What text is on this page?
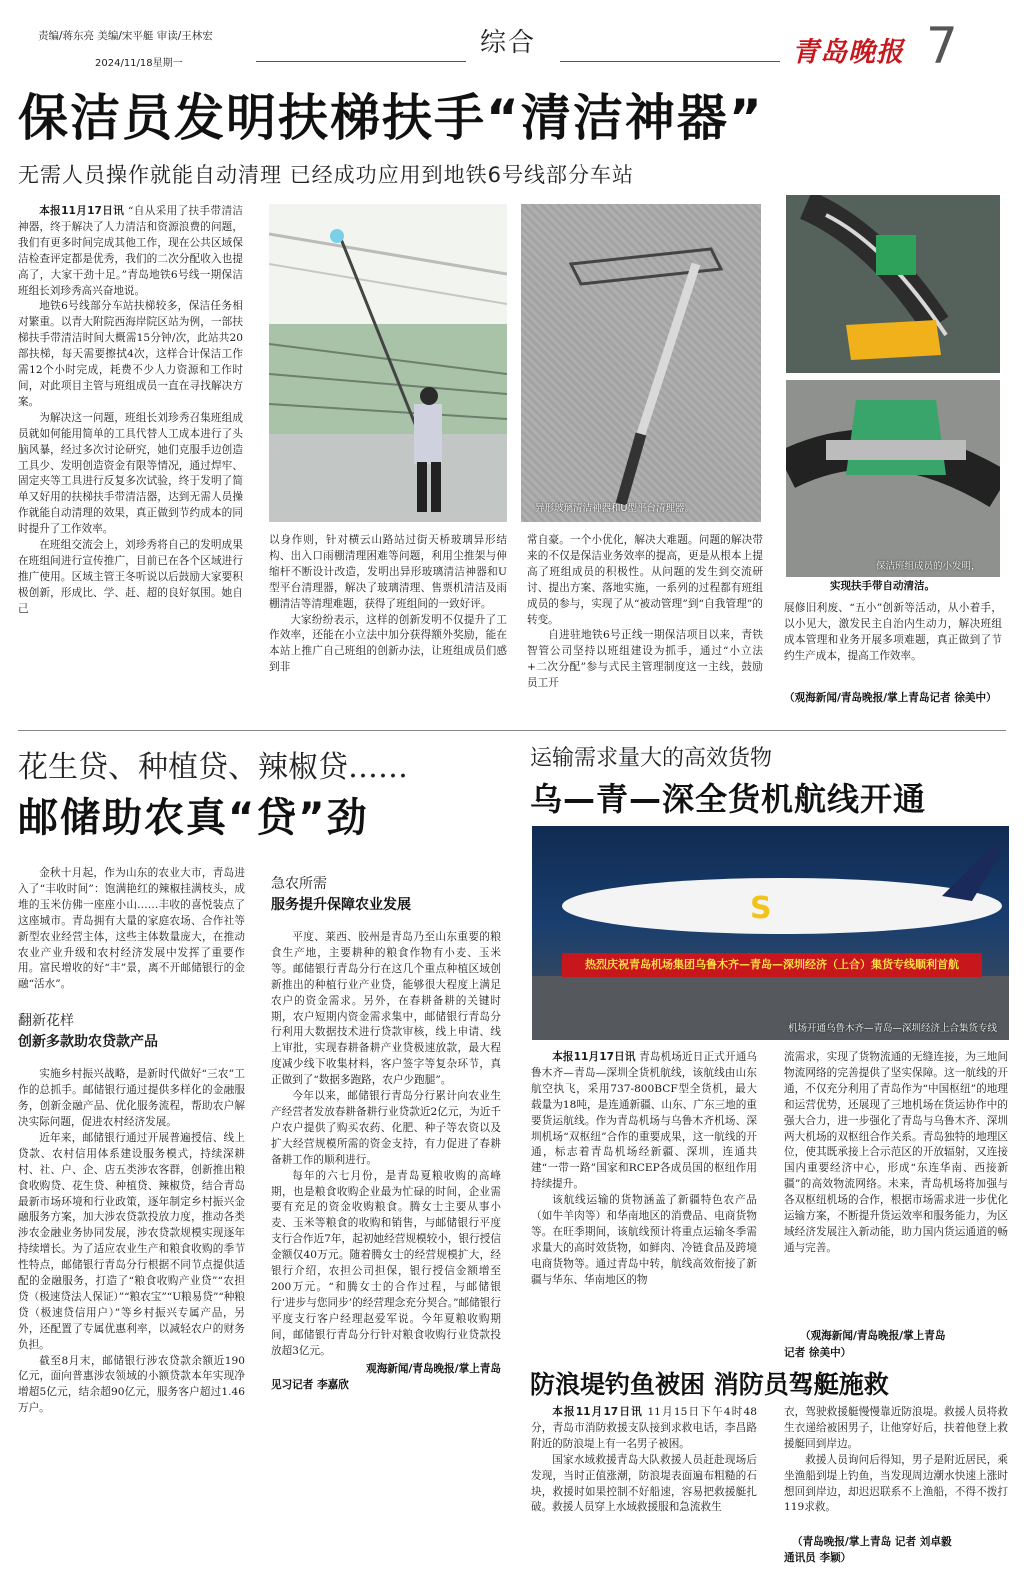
责编/蒋东亮 美编/宋平艇 审读/王林宏
2024/11/18星期一
综合	青岛晚报 7
保洁员发明扶梯扶手“清洁神器”
无需人员操作就能自动清理 已经成功应用到地铁6号线部分车站

本报11月17日讯 “自从采用了扶手带清洁神器，终于解决了人力清洁和资源浪费的问题，我们有更多时间完成其他工作，现在公共区域保洁检查评定都是优秀，我们的二次分配收入也提高了，大家干劲十足。”青岛地铁6号线一期保洁班组长刘珍秀高兴奋地说。

地铁6号线部分车站扶梯较多，保洁任务相对繁重。以青大附院西海岸院区站为例，一部扶梯扶手带清洁时间大概需15分钟/次，此站共20部扶梯，每天需要擦拭4次，这样合计保洁工作需12个小时完成，耗费不少人力资源和工作时间，对此项目主管与班组成员一直在寻找解决方案。

为解决这一问题，班组长刘珍秀召集班组成员就如何能用简单的工具代替人工成本进行了头脑风暴，经过多次讨论研究，她们克服手边创造工具少、发明创造资金有限等情况，通过焊牢、固定夹等工具进行反复多次试验，终于发明了简单又好用的扶梯扶手带清洁器，达到无需人员操作就能自动清理的效果，真正做到节约成本的同时提升了工作效率。

在班组交流会上，刘珍秀将自己的发明成果在班组间进行宣传推广，目前已在各个区域进行推广使用。区域主管王冬听说以后鼓励大家要积极创新，形成比、学、赶、超的良好氛围。她自己

异形玻璃清洁神器和U型平台清理器。
保洁班组成员的小发明，
实现扶手带自动清洁。

以身作则，针对横云山路站过街天桥玻璃异形结构、出入口雨棚清理困难等问题，利用尘推架与伸缩杆不断设计改造，发明出异形玻璃清洁神器和U型平台清理器，解决了玻璃清理、售票机清洁及雨棚清洁等清理难题，获得了班组间的一致好评。

大家纷纷表示，这样的创新发明不仅提升了工作效率，还能在小立法中加分获得额外奖励，能在本站上推广自己班组的创新办法，让班组成员们感到非

常自豪。一个小优化，解决大难题。问题的解决带来的不仅是保洁业务效率的提高，更是从根本上提高了班组成员的积极性。从问题的发生到交流研讨、提出方案、落地实施，一系列的过程都有班组成员的参与，实现了从“被动管理”到“自我管理”的转变。

自进驻地铁6号正线一期保洁项目以来，青铁智管公司坚持以班组建设为抓手，通过“小立法+二次分配”参与式民主管理制度这一主线，鼓励员工开

展修旧利废、“五小”创新等活动，从小着手，以小见大，激发民主自治内生动力，解决班组成本管理和业务开展多项难题，真正做到了节约生产成本，提高工作效率。

（观海新闻/青岛晚报/掌上青岛记者 徐美中）
花生贷、种植贷、辣椒贷……
邮储助农真“贷”劲

金秋十月起，作为山东的农业大市，青岛进入了“丰收时间”：饱满艳红的辣椒挂满枝头，成堆的玉米仿佛一座座小山……丰收的喜悦装点了这座城市。青岛拥有大量的家庭农场、合作社等新型农业经营主体，这些主体数量庞大，在推动农业产业升级和农村经济发展中发挥了重要作用。富民增收的好“丰”景，离不开邮储银行的金融“活水”。

翻新花样
创新多款助农贷款产品

实施乡村振兴战略，是新时代做好“三农”工作的总抓手。邮储银行通过提供多样化的金融服务，创新金融产品、优化服务流程，帮助农户解决实际问题，促进农村经济发展。

近年来，邮储银行通过开展普遍授信、线上贷款、农村信用体系建设服务模式，持续深耕村、社、户、企、店五类涉农客群，创新推出粮食收购贷、花生贷、种植贷、辣椒贷，结合青岛最新市场环境和行业政策，逐年制定乡村振兴金融服务方案，加大涉农贷款投放力度，推动各类涉农金融业务协同发展，涉农贷款规模实现逐年持续增长。为了适应农业生产和粮食收购的季节性特点，邮储银行青岛分行根据不同节点提供适配的金融服务，打造了“粮食收购产业贷”“农担贷（极速贷法人保证）”“粮农宝”“U粮易贷”“种粮贷（极速贷信用户）”等乡村振兴专属产品，另外，还配置了专属优惠利率，以减轻农户的财务负担。

截至8月末，邮储银行涉农贷款余额近190亿元，面向普惠涉农领域的小额贷款本年实现净增超5亿元，结余超90亿元，服务客户超过1.46万户。

急农所需
服务提升保障农业发展

平度、莱西、胶州是青岛乃至山东重要的粮食生产地，主要耕种的粮食作物有小麦、玉米等。邮储银行青岛分行在这几个重点种植区域创新推出的种植行业产业贷，能够很大程度上满足农户的资金需求。另外，在春耕备耕的关键时期，农户短期内资金需求集中，邮储银行青岛分行利用大数据技术进行贷款审核，线上申请、线上审批，实现春耕备耕产业贷极速放款，最大程度减少线下收集材料，客户签字等复杂环节，真正做到了“数据多跑路，农户少跑腿”。

今年以来，邮储银行青岛分行累计向农业生产经营者发放春耕备耕行业贷款近2亿元，为近千户农户提供了购买农药、化肥、种子等农资以及扩大经营规模所需的资金支持，有力促进了春耕备耕工作的顺利进行。

每年的六七月份，是青岛夏粮收购的高峰期，也是粮食收购企业最为忙碌的时间，企业需要有充足的资金收购粮食。腾女士主要从事小麦、玉米等粮食的收购和销售，与邮储银行平度支行合作近7年，起初她经营规模较小，银行授信金额仅40万元。随着腾女士的经营规模扩大，经银行介绍，农担公司担保，银行授信金额增至200万元。“和腾女士的合作过程，与邮储银行‘进步与您同步’的经营理念充分契合。”邮储银行平度支行客户经理赵爱军说。今年夏粮收购期间，邮储银行青岛分行针对粮食收购行业贷款投放超3亿元。

观海新闻/青岛晚报/掌上青岛
见习记者 李嘉欣
运输需求量大的高效货物
乌—青—深全货机航线开通
S
热烈庆祝青岛机场集团乌鲁木齐—青岛—深圳经济（上合）集货专线顺利首航
机场开通乌鲁木齐—青岛—深圳经济上合集货专线

本报11月17日讯 青岛机场近日正式开通乌鲁木齐—青岛—深圳全货机航线，该航线由山东航空执飞，采用737-800BCF型全货机，最大载量为18吨，是连通新疆、山东、广东三地的重要货运航线。作为青岛机场与乌鲁木齐机场、深圳机场“双枢纽”合作的重要成果，这一航线的开通，标志着青岛机场经新疆、深圳，连通共建“一带一路”国家和RCEP各成员国的枢纽作用持续提升。

该航线运输的货物涵盖了新疆特色农产品（如牛羊肉等）和华南地区的消费品、电商货物等。在旺季期间，该航线预计将重点运输冬季需求量大的高时效货物，如鲜肉、冷链食品及跨境电商货物等。通过青岛中转，航线高效衔接了新疆与华东、华南地区的物

流需求，实现了货物流通的无缝连接，为三地间物流网络的完善提供了坚实保障。这一航线的开通，不仅充分利用了青岛作为“中国枢纽”的地理和运营优势，还展现了三地机场在货运协作中的强大合力，进一步强化了青岛与乌鲁木齐、深圳两大机场的双枢纽合作关系。青岛独特的地理区位，使其既承接上合示范区的开放辐射，又连接国内重要经济中心，形成“东连华南、西接新疆”的高效物流网络。未来，青岛机场将加强与各双枢纽机场的合作，根据市场需求进一步优化运输方案，不断提升货运效率和服务能力，为区域经济发展注入新动能，助力国内货运通道的畅通与完善。

（观海新闻/青岛晚报/掌上青岛
记者 徐美中）
防浪堤钓鱼被困 消防员驾艇施救

本报11月17日讯 11月15日下午4时48分，青岛市消防救援支队接到求救电话，李昌路附近的防浪堤上有一名男子被困。

国家水域救援青岛大队救援人员赶赴现场后发现，当时正值涨潮，防浪堤表面遍布粗糙的石块，救援时如果控制不好船速，容易把救援艇扎破。救援人员穿上水域救援服和急流救生

衣，驾驶救援艇慢慢靠近防浪堤。救援人员将救生衣递给被困男子，让他穿好后，扶着他登上救援艇回到岸边。

救援人员询问后得知，男子是附近居民，乘坐渔船到堤上钓鱼，当发现周边潮水快速上涨时想回到岸边，却迟迟联系不上渔船，不得不拨打119求救。

（青岛晚报/掌上青岛 记者 刘卓毅
通讯员 李颖）
